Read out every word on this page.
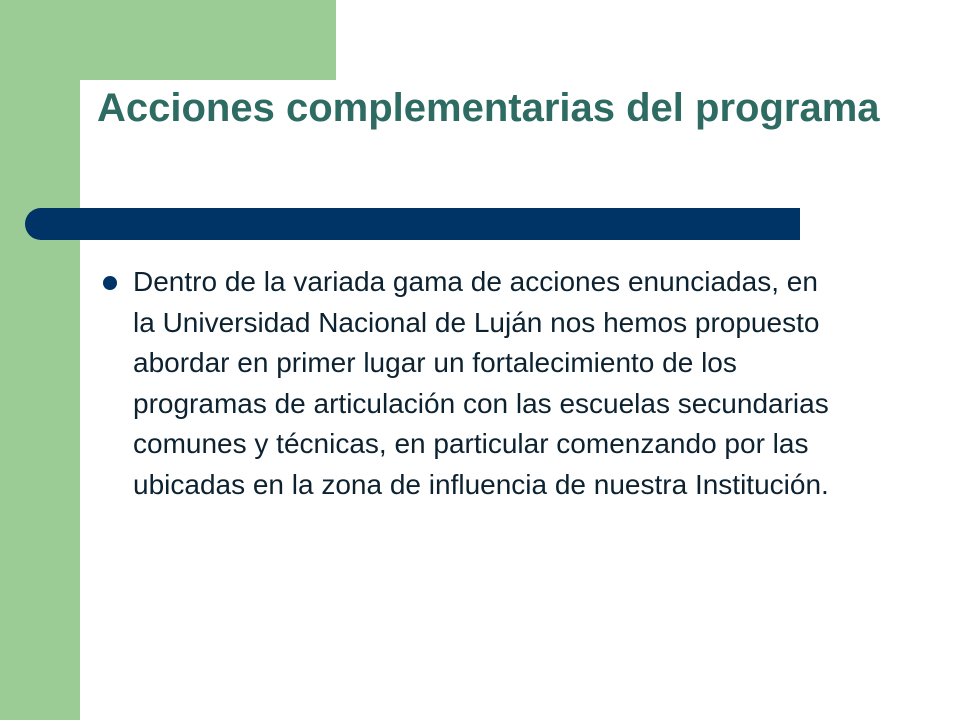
Acciones complementarias del programa

Dentro de la variada gama de acciones enunciadas, en la Universidad Nacional de Luján nos hemos propuesto abordar en primer lugar un fortalecimiento de los programas de articulación con las escuelas secundarias comunes y técnicas, en particular comenzando por las ubicadas en la zona de influencia de nuestra Institución.
